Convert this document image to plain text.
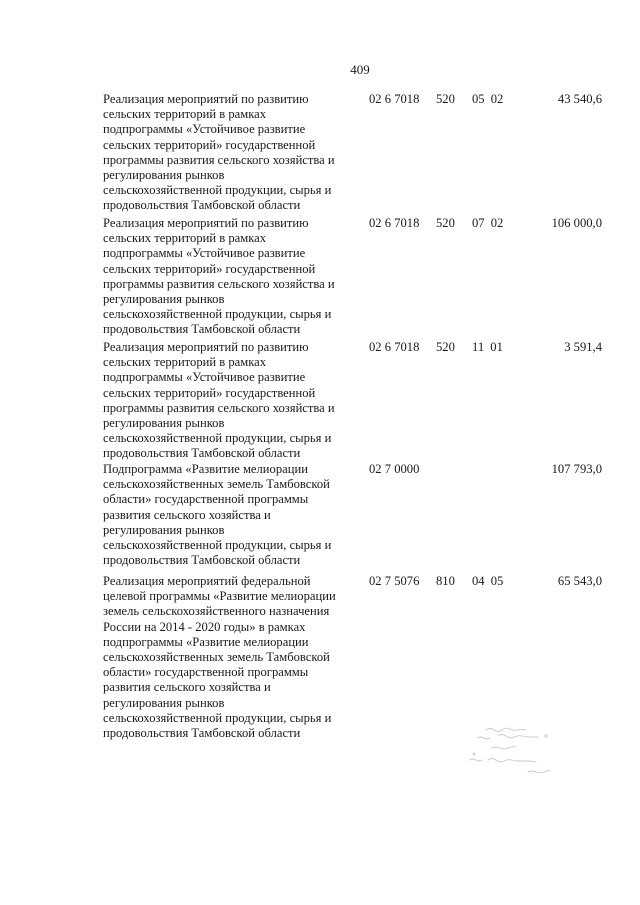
409
Реализация мероприятий по развитию
сельских территорий в рамках
подпрограммы «Устойчивое развитие
сельских территорий» государственной
программы развития сельского хозяйства и
регулирования рынков
сельскохозяйственной продукции, сырья и
продовольствия Тамбовской области
02 6 7018 520 05 02	43 540,6
Реализация мероприятий по развитию
сельских территорий в рамках
подпрограммы «Устойчивое развитие
сельских территорий» государственной
программы развития сельского хозяйства и
регулирования рынков
сельскохозяйственной продукции, сырья и
продовольствия Тамбовской области
02 6 7018 520 07 02	106 000,0
Реализация мероприятий по развитию
сельских территорий в рамках
подпрограммы «Устойчивое развитие
сельских территорий» государственной
программы развития сельского хозяйства и
регулирования рынков
сельскохозяйственной продукции, сырья и
продовольствия Тамбовской области
02 6 7018 520 11 01	3 591,4
Подпрограмма «Развитие мелиорации
сельскохозяйственных земель Тамбовской
области» государственной программы
развития сельского хозяйства и
регулирования рынков
сельскохозяйственной продукции, сырья и
продовольствия Тамбовской области
02 7 0000	107 793,0
Реализация мероприятий федеральной
целевой программы «Развитие мелиорации
земель сельскохозяйственного назначения
России на 2014 - 2020 годы» в рамках
подпрограммы «Развитие мелиорации
сельскохозяйственных земель Тамбовской
области» государственной программы
развития сельского хозяйства и
регулирования рынков
сельскохозяйственной продукции, сырья и
продовольствия Тамбовской области
02 7 5076 810 04 05	65 543,0
